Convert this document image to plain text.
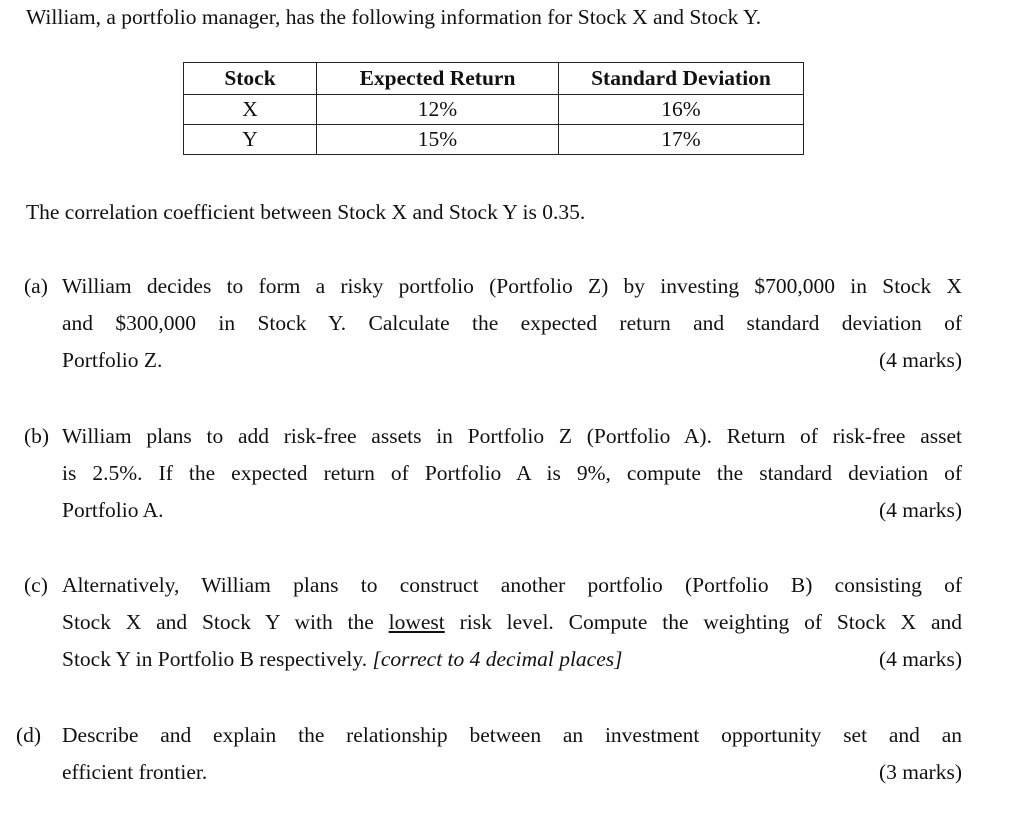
William, a portfolio manager, has the following information for Stock X and Stock Y.
Stock	Expected Return	Standard Deviation
X	12%	16%
Y	15%	17%
The correlation coefficient between Stock X and Stock Y is 0.35.
(a) William decides to form a risky portfolio (Portfolio Z) by investing $700,000 in Stock X
and $300,000 in Stock Y. Calculate the expected return and standard deviation of
Portfolio Z.	(4 marks)
(b) William plans to add risk-free assets in Portfolio Z (Portfolio A). Return of risk-free asset
is 2.5%. If the expected return of Portfolio A is 9%, compute the standard deviation of
Portfolio A.	(4 marks)
(c) Alternatively, William plans to construct another portfolio (Portfolio B) consisting of
Stock X and Stock Y with the lowest risk level. Compute the weighting of Stock X and
Stock Y in Portfolio B respectively. [correct to 4 decimal places]	(4 marks)
(d) Describe and explain the relationship between an investment opportunity set and an
efficient frontier.	(3 marks)
